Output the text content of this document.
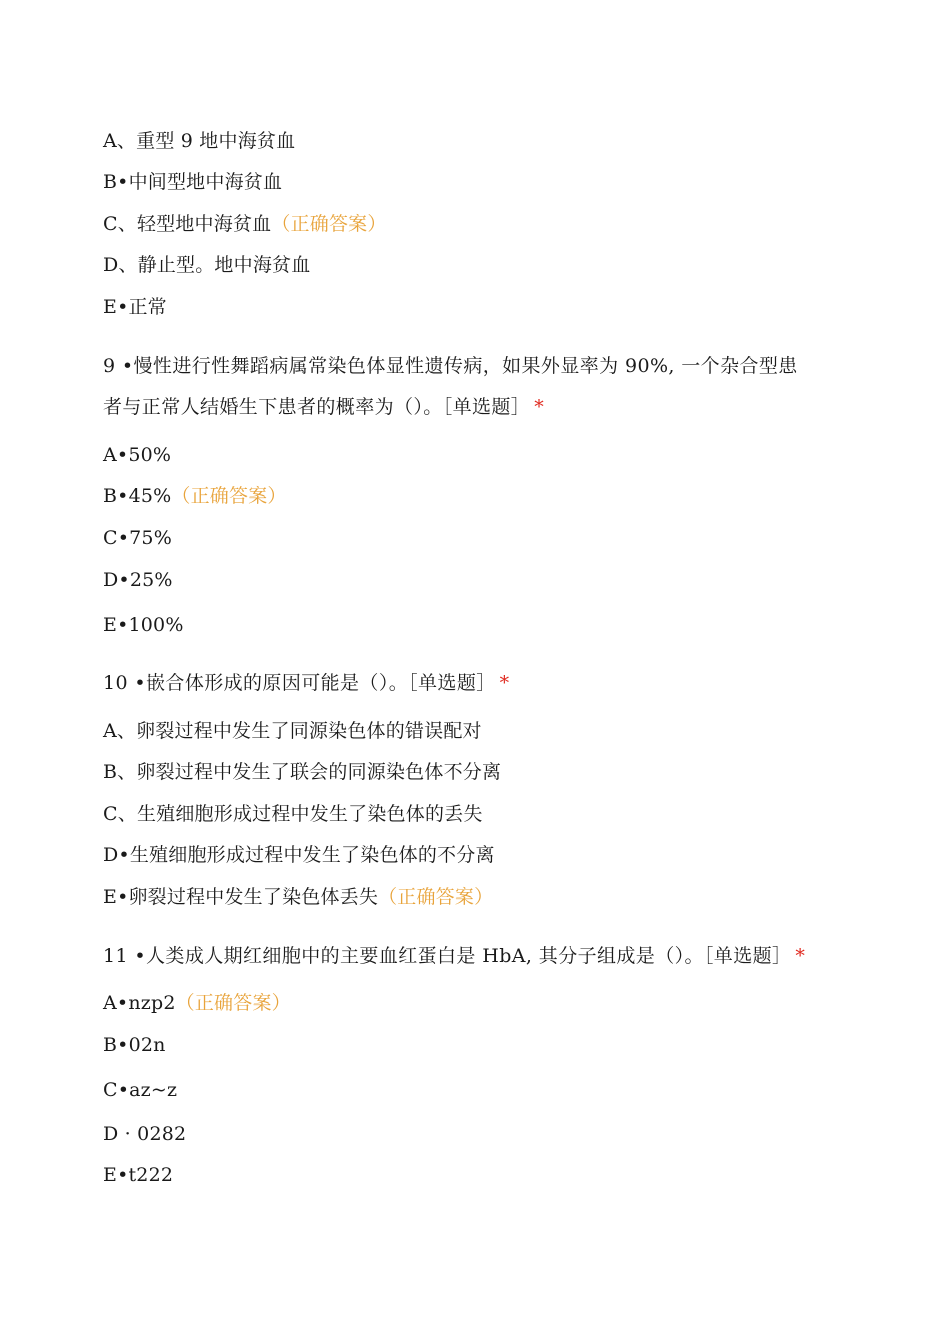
A、重型 9 地中海贫血
B•中间型地中海贫血
C、轻型地中海贫血（正确答案）
D、静止型。地中海贫血
E•正常
9 •慢性进行性舞蹈病属常染色体显性遗传病，如果外显率为 90%, 一个杂合型患
者与正常人结婚生下患者的概率为（）。［单选题］ *
A•50%
B•45%（正确答案）
C•75%
D•25%
E•100%
10 •嵌合体形成的原因可能是（）。［单选题］ *
A、卵裂过程中发生了同源染色体的错误配对
B、卵裂过程中发生了联会的同源染色体不分离
C、生殖细胞形成过程中发生了染色体的丢失
D•生殖细胞形成过程中发生了染色体的不分离
E•卵裂过程中发生了染色体丢失（正确答案）
11 •人类成人期红细胞中的主要血红蛋白是 HbA, 其分子组成是（）。［单选题］ *
A•nzp2（正确答案）
B•02n
C•az~z
D · 0282
E•t222
